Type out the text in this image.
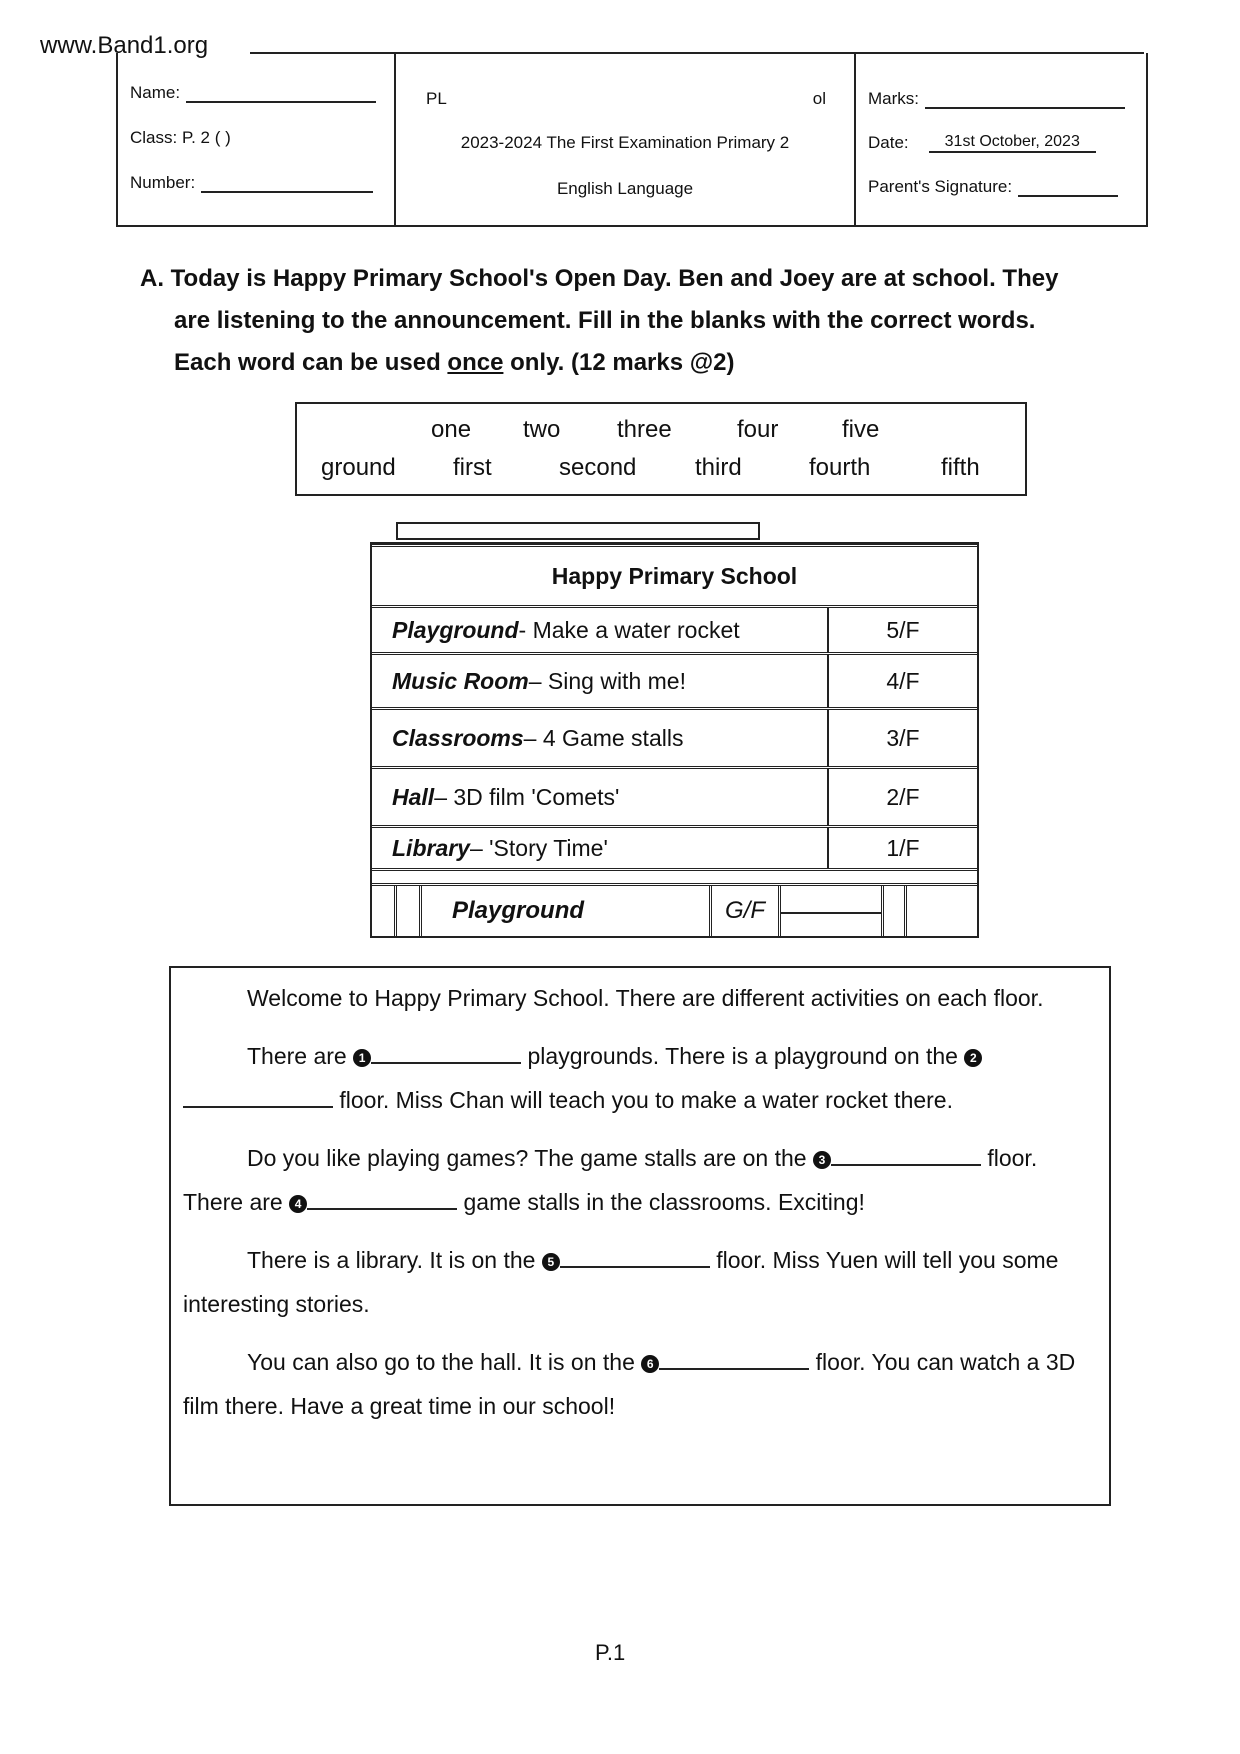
www.Band1.org
Name:
Class: P. 2 ( )
Number:
PL	ol
2023-2024 The First Examination Primary 2
English Language
Marks:
Date:	31st October, 2023
Parent's Signature:
A. Today is Happy Primary School's Open Day. Ben and Joey are at school. They
are listening to the announcement. Fill in the blanks with the correct words.
Each word can be used once only. (12 marks @2)
one two three	four	five
ground first	second third	fourth	fifth
Happy Primary School
Playground - Make a water rocket	5/F
Music Room – Sing with me!	4/F
Classrooms – 4 Game stalls	3/F
Hall – 3D film 'Comets'	2/F
Library – 'Story Time'	1/F
Playground	G/F

Welcome to Happy Primary School. There are different activities on each floor.

There are 1	playgrounds. There is a playground on the 2 floor. Miss Chan will teach you to make a water rocket there.

Do you like playing games? The game stalls are on the 3	floor. There are 4	game stalls in the classrooms. Exciting!

There is a library. It is on the 5	floor. Miss Yuen will tell you some interesting stories.

You can also go to the hall. It is on the 6	floor. You can watch a 3D film there. Have a great time in our school!

P.1
